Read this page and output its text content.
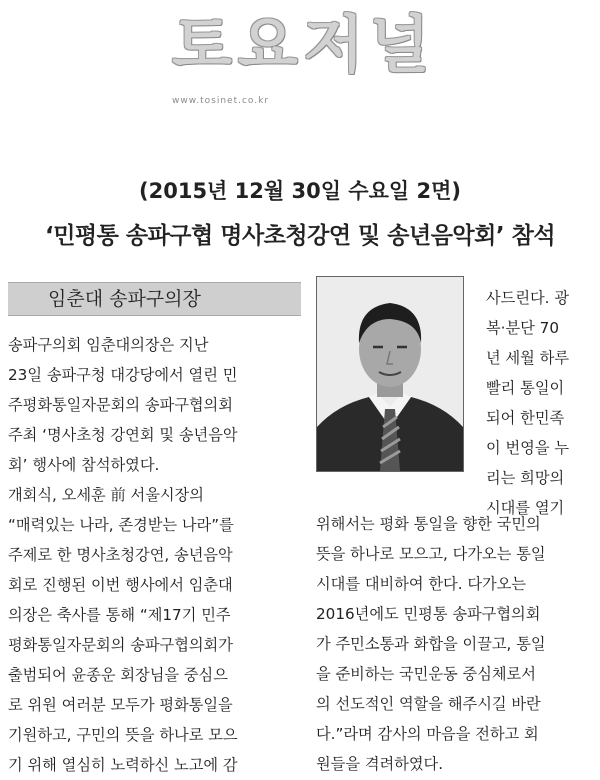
토요저널
www.tosinet.co.kr
(2015년 12월 30일 수요일 2면)
‘민평통 송파구협 명사초청강연 및 송년음악회’ 참석
임춘대 송파구의장
송파구의회 임춘대의장은 지난
23일 송파구청 대강당에서 열린 민
주평화통일자문회의 송파구협의회
주최 ‘명사초청 강연회 및 송년음악
회’ 행사에 참석하였다.
개회식, 오세훈 前 서울시장의
“매력있는 나라, 존경받는 나라”를
주제로 한 명사초청강연, 송년음악
회로 진행된 이번 행사에서 임춘대
의장은 축사를 통해 “제17기 민주
평화통일자문회의 송파구협의회가
출범되어 윤종운 회장님을 중심으
로 위원 여러분 모두가 평화통일을
기원하고, 구민의 뜻을 하나로 모으
기 위해 열심히 노력하신 노고에 감
사드린다. 광
복·분단 70
년 세월 하루
빨리 통일이
되어 한민족
이 번영을 누
리는 희망의
시대를 열기
위해서는 평화 통일을 향한 국민의
뜻을 하나로 모으고, 다가오는 통일
시대를 대비하여 한다. 다가오는
2016년에도 민평통 송파구협의회
가 주민소통과 화합을 이끌고, 통일
을 준비하는 국민운동 중심체로서
의 선도적인 역할을 해주시길 바란
다.”라며 감사의 마음을 전하고 회
원들을 격려하였다.
